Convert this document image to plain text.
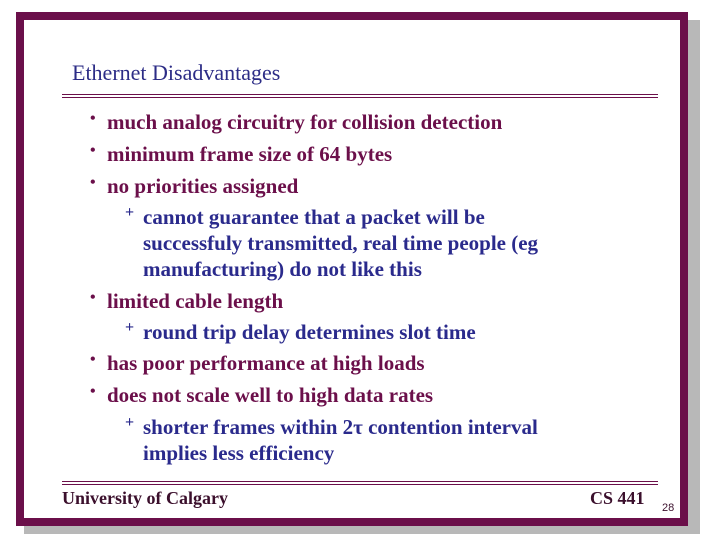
Ethernet Disadvantages
• much analog circuitry for collision detection
• minimum frame size of 64 bytes
• no priorities assigned
+ cannot guarantee that a packet will be
successfuly transmitted, real time people (eg
manufacturing) do not like this
• limited cable length
+ round trip delay determines slot time
• has poor performance at high loads
• does not scale well to high data rates
+ shorter frames within 2τ contention interval
implies less efficiency
University of Calgary	CS 441 28
